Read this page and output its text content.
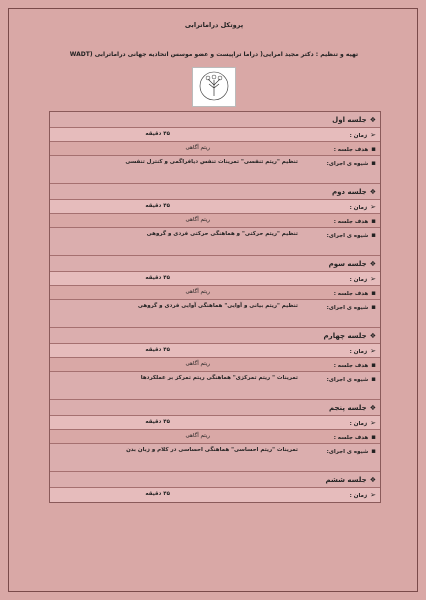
پروتکل دراماترابی
تهیه و تنظیم : دکتر مجید امرایی( دراما تراپیست و عضو موسس اتحادیه جهانی دراماترابی (WADT
❖جلسه اول
➢زمان :
۴۵ دقیقه
▪هدف جلسه :
ریتم آگاهی
▪شیوه ی اجرای:
تنظیم "ریتم تنفسی" تمرینات تنفس دیافراگمی و کنترل تنفسی
❖جلسه دوم
➢زمان :
۴۵ دقیقه
▪هدف جلسه :
ریتم آگاهی
▪شیوه ی اجرای:
تنظیم "ریتم حرکتی" و هماهنگی حرکتی فردی و گروهی
❖جلسه سوم
➢زمان :
۴۵ دقیقه
▪هدف جلسه :
ریتم آگاهی
▪شیوه ی اجرای:
تنظیم "ریتم بیانی و آوایی" هماهنگی آوایی فردی و گروهی
❖جلسه چهارم
➢زمان :
۴۵ دقیقه
▪هدف جلسه :
ریتم آگاهی
▪شیوه ی اجرای:
تمرینات " ریتم تمرکزی" هماهنگی ریتم تمرکز بر عملکردها
❖جلسه پنجم
➢زمان :
۴۵ دقیقه
▪هدف جلسه :
ریتم آگاهی
▪شیوه ی اجرای:
تمرینات "ریتم احساسی" هماهنگی احساسی در کلام و زبان بدن
❖جلسه ششم
➢زمان :
۴۵ دقیقه
